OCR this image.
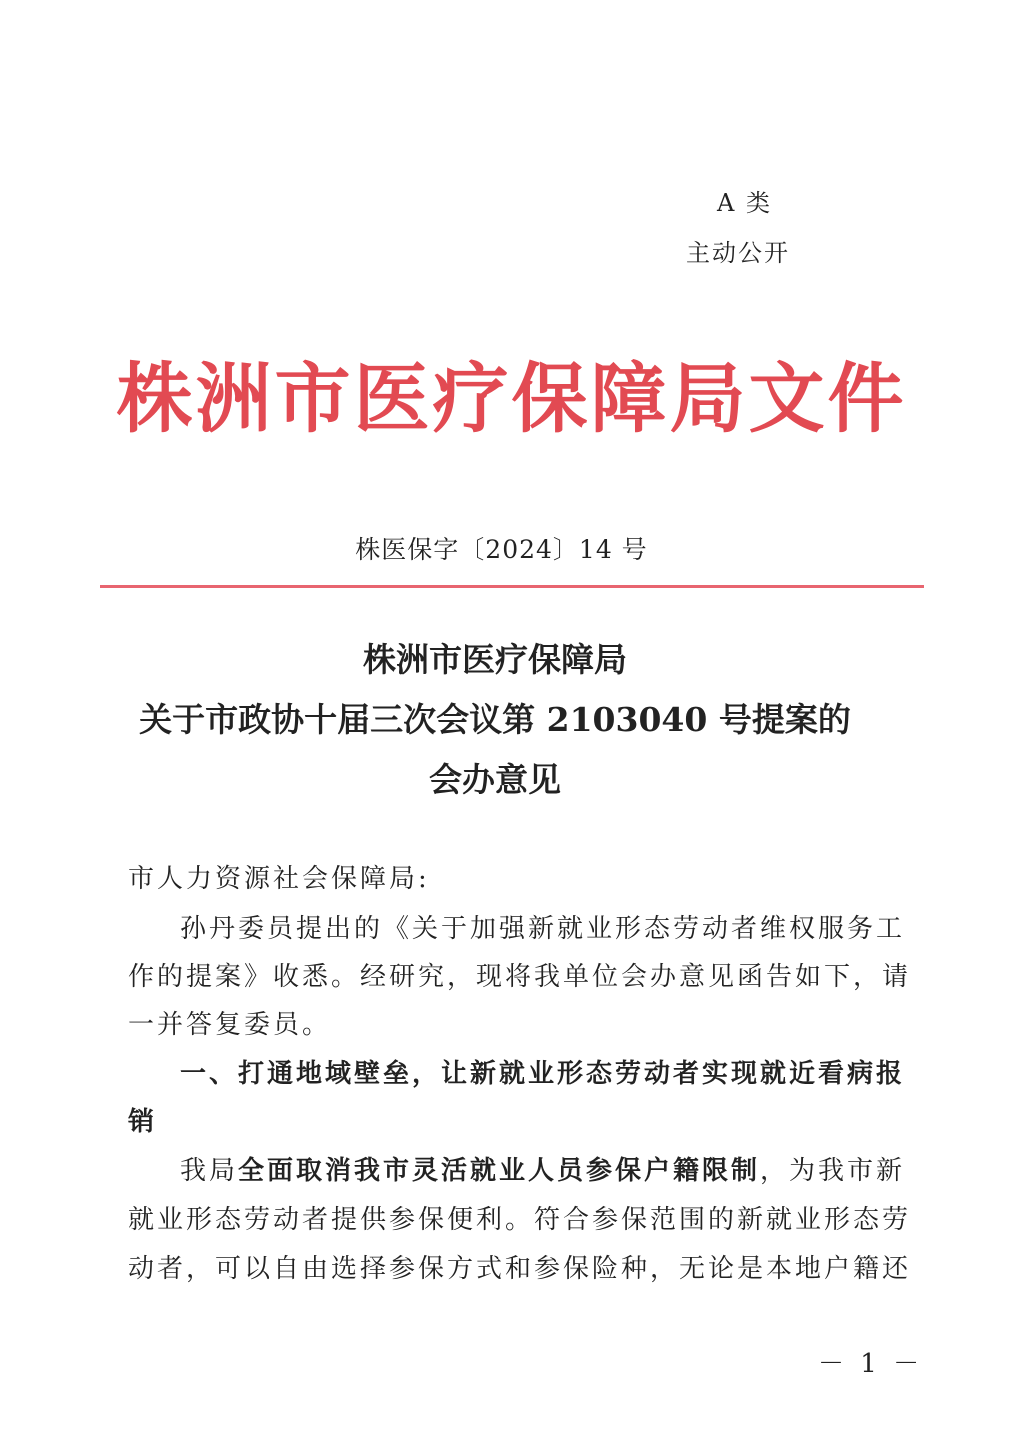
A 类
主动公开
株洲市医疗保障局文件
株医保字〔2024〕14 号
株洲市医疗保障局
关于市政协十届三次会议第 2103040 号提案的
会办意见
市人力资源社会保障局:
孙丹委员提出的《关于加强新就业形态劳动者维权服务工
作的提案》收悉。经研究，现将我单位会办意见函告如下，请
一并答复委员。
一、打通地域壁垒，让新就业形态劳动者实现就近看病报
销
我局全面取消我市灵活就业人员参保户籍限制，为我市新
就业形态劳动者提供参保便利。符合参保范围的新就业形态劳
动者，可以自由选择参保方式和参保险种，无论是本地户籍还
－ 1 －
